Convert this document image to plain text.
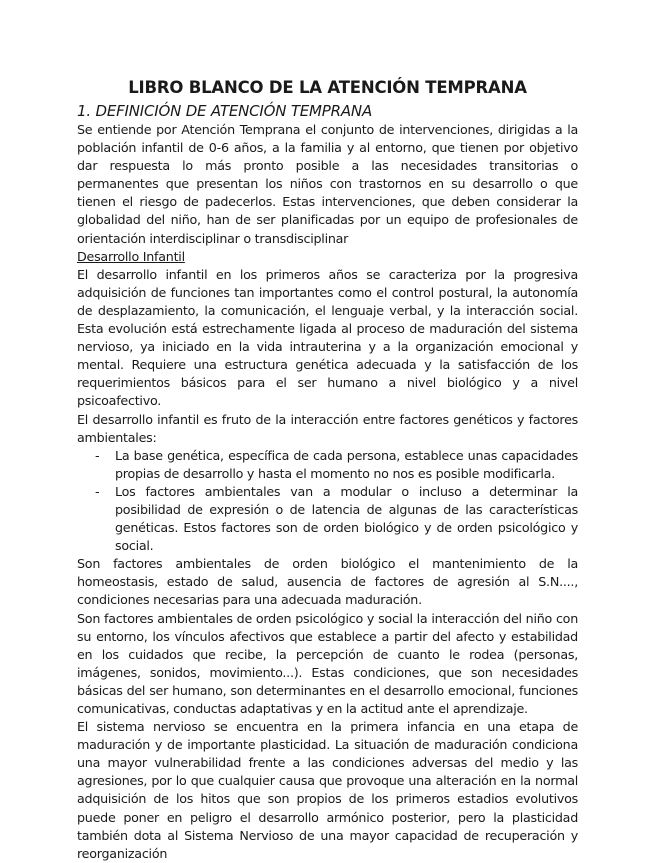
LIBRO BLANCO DE LA ATENCIÓN TEMPRANA
1. DEFINICIÓN DE ATENCIÓN TEMPRANA

Se entiende por Atención Temprana el conjunto de intervenciones, dirigidas a la población infantil de 0-6 años, a la familia y al entorno, que tienen por objetivo dar respuesta lo más pronto posible a las necesidades transitorias o permanentes que presentan los niños con trastornos en su desarrollo o que tienen el riesgo de padecerlos. Estas intervenciones, que deben considerar la globalidad del niño, han de ser planificadas por un equipo de profesionales de orientación interdisciplinar o transdisciplinar

Desarrollo Infantil

El desarrollo infantil en los primeros años se caracteriza por la progresiva adquisición de funciones tan importantes como el control postural, la autonomía de desplazamiento, la comunicación, el lenguaje verbal, y la interacción social. Esta evolución está estrechamente ligada al proceso de maduración del sistema nervioso, ya iniciado en la vida intrauterina y a la organización emocional y mental. Requiere una estructura genética adecuada y la satisfacción de los requerimientos básicos para el ser humano a nivel biológico y a nivel psicoafectivo.

El desarrollo infantil es fruto de la interacción entre factores genéticos y factores ambientales:

- La base genética, específica de cada persona, establece unas capacidades propias de desarrollo y hasta el momento no nos es posible modificarla.
- Los factores ambientales van a modular o incluso a determinar la posibilidad de expresión o de latencia de algunas de las características genéticas. Estos factores son de orden biológico y de orden psicológico y social.

Son factores ambientales de orden biológico el mantenimiento de la homeostasis, estado de salud, ausencia de factores de agresión al S.N...., condiciones necesarias para una adecuada maduración.

Son factores ambientales de orden psicológico y social la interacción del niño con su entorno, los vínculos afectivos que establece a partir del afecto y estabilidad en los cuidados que recibe, la percepción de cuanto le rodea (personas, imágenes, sonidos, movimiento...). Estas condiciones, que son necesidades básicas del ser humano, son determinantes en el desarrollo emocional, funciones comunicativas, conductas adaptativas y en la actitud ante el aprendizaje.

El sistema nervioso se encuentra en la primera infancia en una etapa de maduración y de importante plasticidad. La situación de maduración condiciona una mayor vulnerabilidad frente a las condiciones adversas del medio y las agresiones, por lo que cualquier causa que provoque una alteración en la normal adquisición de los hitos que son propios de los primeros estadios evolutivos puede poner en peligro el desarrollo armónico posterior, pero la plasticidad también dota al Sistema Nervioso de una mayor capacidad de recuperación y reorganización
